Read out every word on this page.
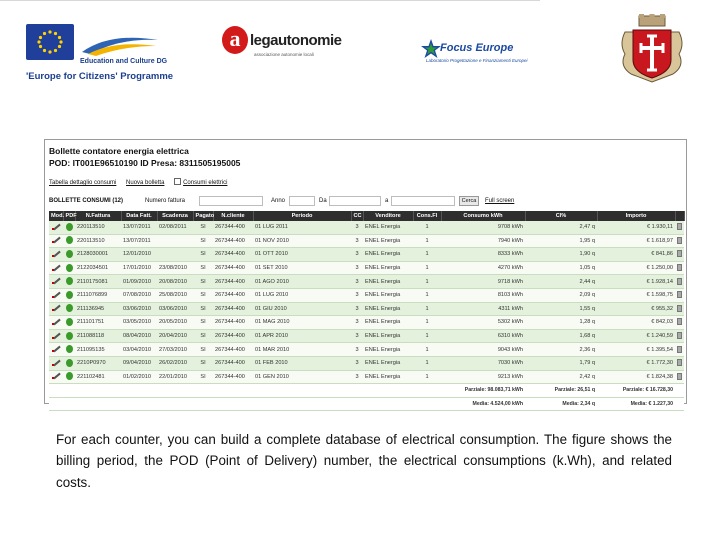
Education and Culture DG
'Europe for Citizens' Programme
a legautonomie
associazione autonomie locali
Focus Europe
Laboratorio Progettazione e Finanziamenti Europei
Bollette contatore energia elettrica
POD: IT001E96510190 ID Presa: 8311505195005
Tabella dettaglio consumi Nuova bolletta	Consumi elettrici
BOLLETTE CONSUMI (12)	Numero fattura	Anno	Da	a	Cerca	Full screen
Mod.	PDF	N.Fattura	Data Fatt.	Scadenza	Pagato	N.cliente	Periodo	CC	Venditore	Cons.Fl	Consumo kWh	Cl%	Importo	
		220113510	13/07/2011	02/08/2011	SI	267344-400	01 LUG 2011	3	ENEL Energia	1	9708 kWh	2,47 q	€ 1.930,11	
		220113510	13/07/2011		SI	267344-400	01 NOV 2010	3	ENEL Energia	1	7940 kWh	1,95 q	€ 1.618,97	
		2128030001	12/01/2010		SI	267344-400	01 OTT 2010	3	ENEL Energia	1	8333 kWh	1,90 q	€ 841,86	
		2122034501	17/01/2010	23/08/2010	SI	267344-400	01 SET 2010	3	ENEL Energia	1	4270 kWh	1,05 q	€ 1.250,00	
		2110175081	01/09/2010	20/08/2010	SI	267344-400	01 AGO 2010	3	ENEL Energia	1	9718 kWh	2,44 q	€ 1.928,14	
		2111076899	07/08/2010	25/08/2010	SI	267344-400	01 LUG 2010	3	ENEL Energia	1	8103 kWh	2,09 q	€ 1.598,75	
		211136945	03/06/2010	03/06/2010	SI	267344-400	01 GIU 2010	3	ENEL Energia	1	4311 kWh	1,55 q	€ 955,32	
		211101751	03/05/2010	20/05/2010	SI	267344-400	01 MAG 2010	3	ENEL Energia	1	5302 kWh	1,28 q	€ 842,03	
		211088118	08/04/2010	20/04/2010	SI	267344-400	01 APR 2010	3	ENEL Energia	1	6310 kWh	1,68 q	€ 1.240,59	
		211095135	03/04/2010	27/03/2010	SI	267344-400	01 MAR 2010	3	ENEL Energia	1	9043 kWh	2,36 q	€ 1.395,54	
		2210P0970	09/04/2010	26/02/2010	SI	267344-400	01 FEB 2010	3	ENEL Energia	1	7030 kWh	1,79 q	€ 1.772,30	
		221102481	01/02/2010	22/01/2010	SI	267344-400	01 GEN 2010	3	ENEL Energia	1	9213 kWh	2,42 q	€ 1.824,38	
											Parziale: 98.083,71 kWh	Parziale: 26,51 q	Parziale: € 16.728,30	
											Media: 4.524,00 kWh	Media: 2,34 q	Media: € 1.227,30	
For each counter, you can build a complete database of electrical consumption. The figure shows the billing period, the POD (Point of Delivery) number, the electrical consumptions (k.Wh), and related costs.
